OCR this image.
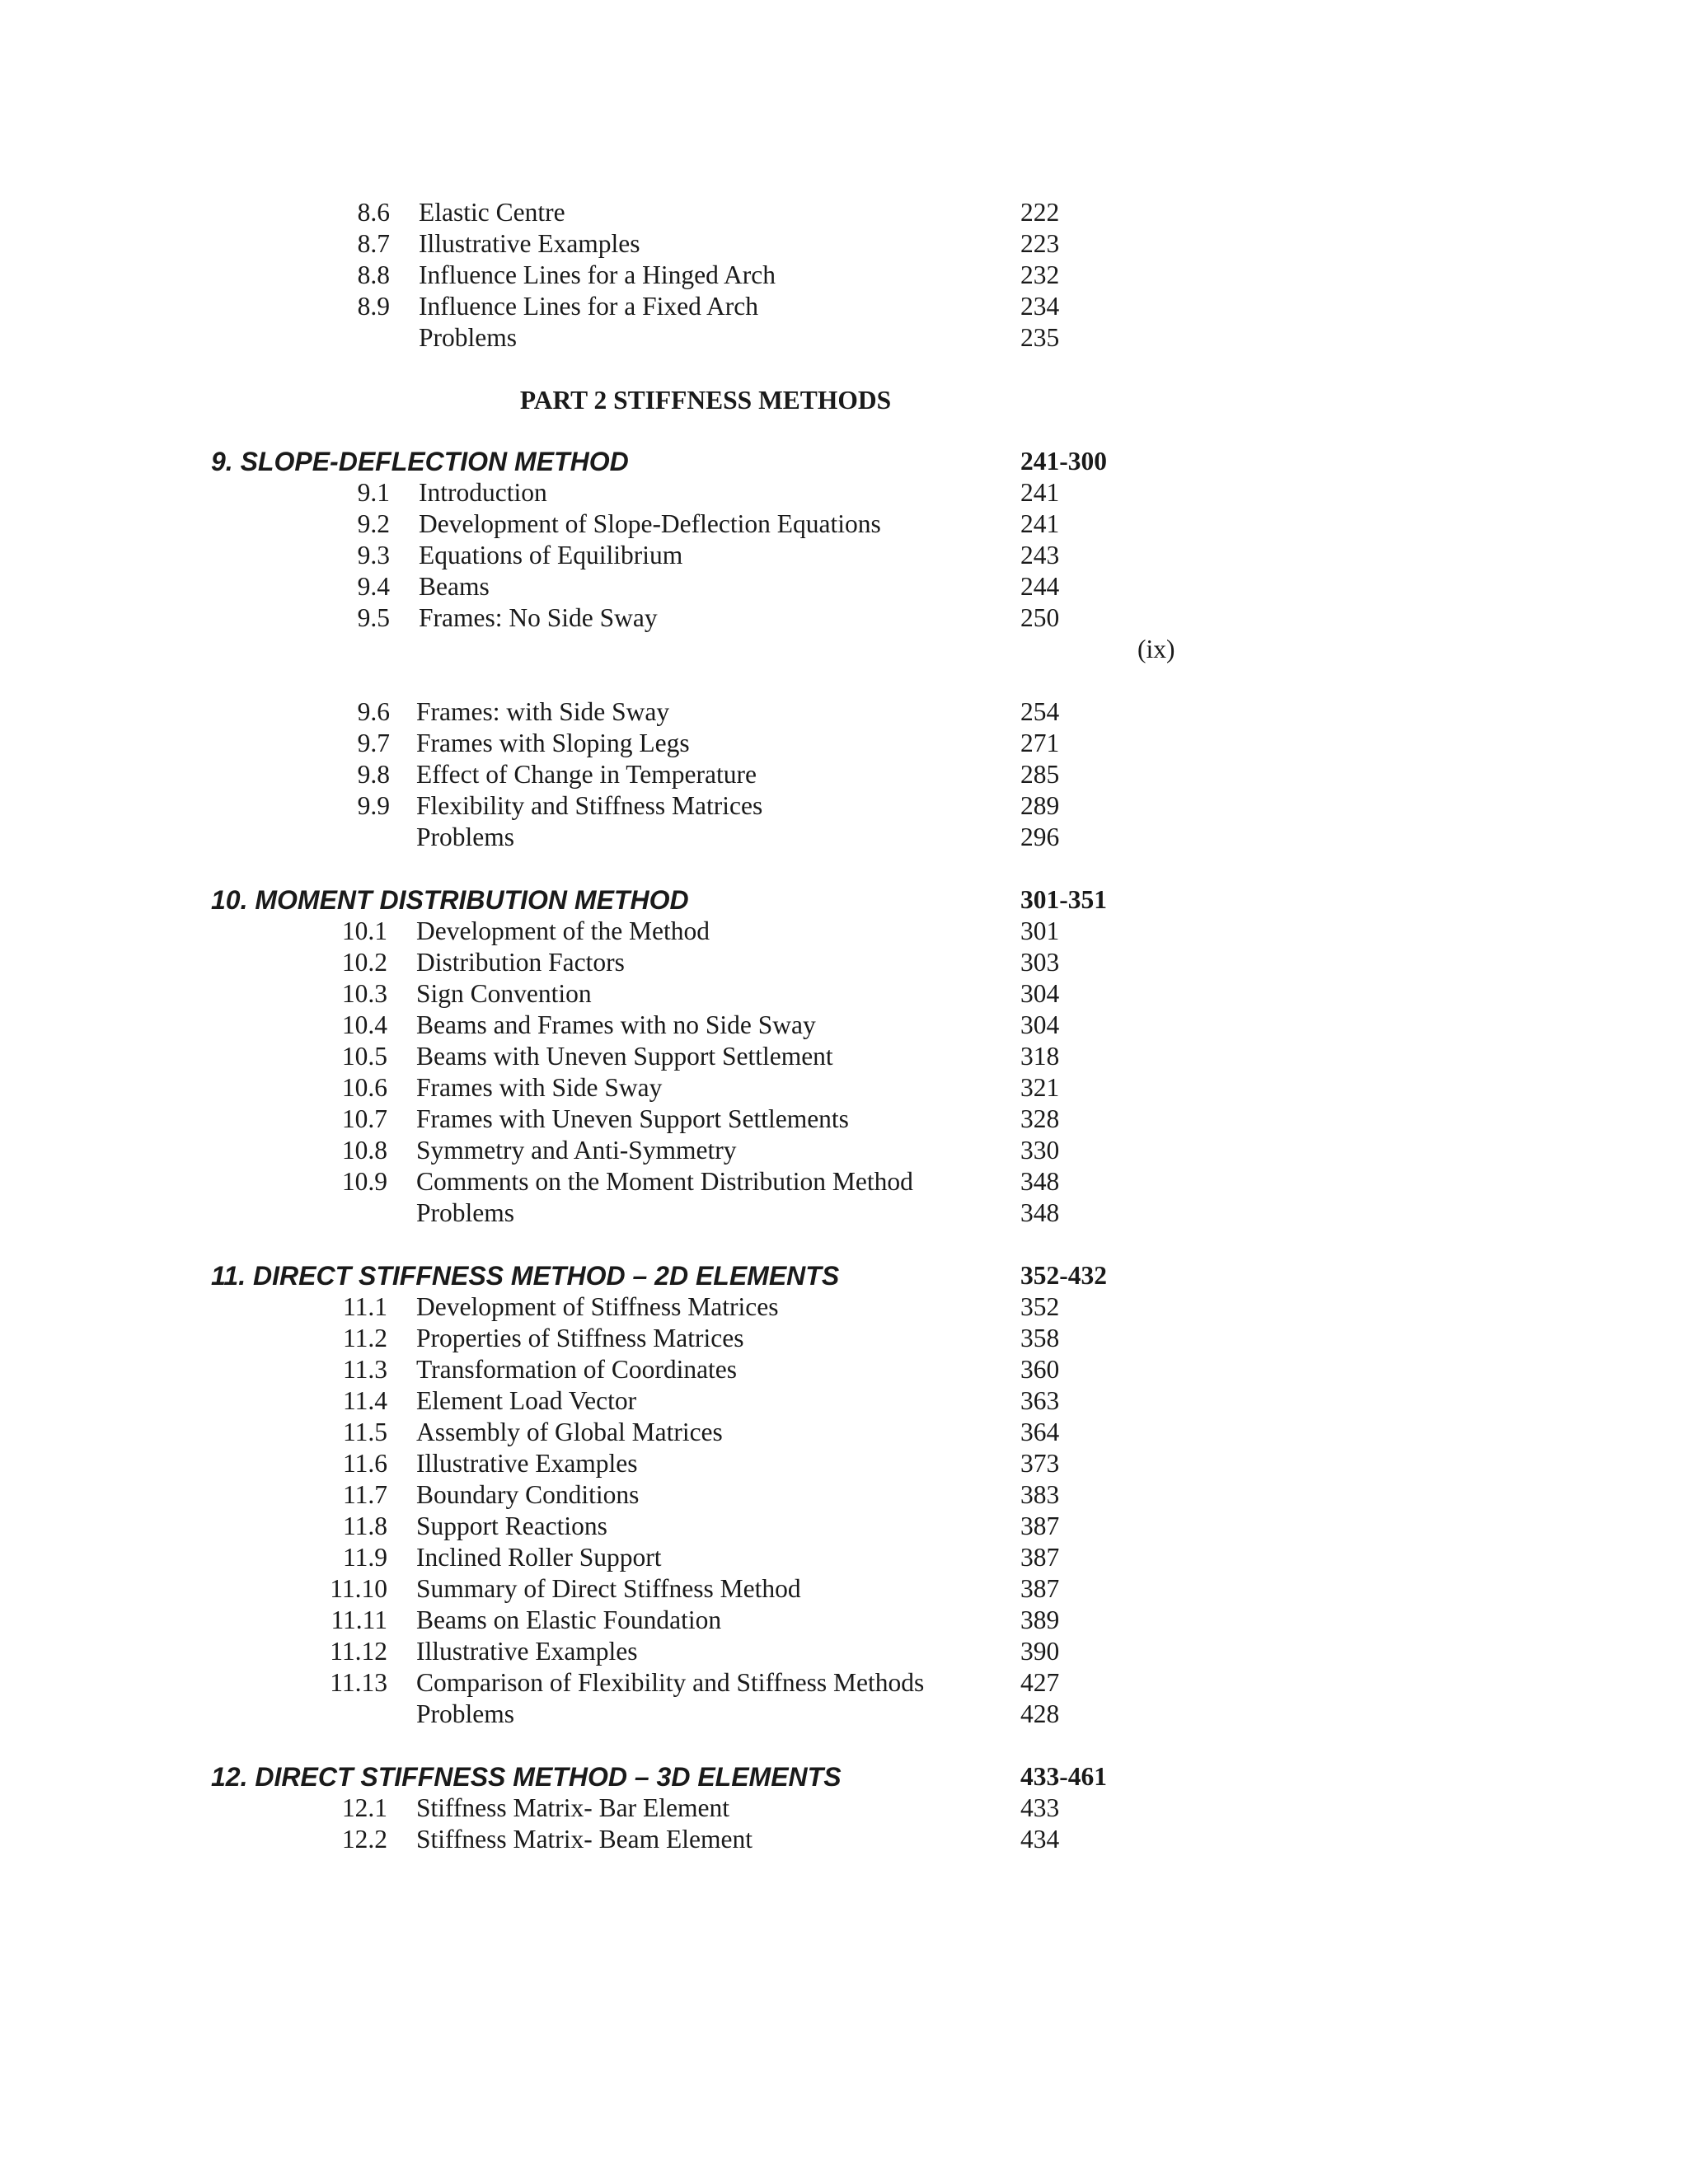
8.6 Elastic Centre	222
8.7 Illustrative Examples	223
8.8 Influence Lines for a Hinged Arch	232
8.9 Influence Lines for a Fixed Arch	234
Problems	235
PART 2 STIFFNESS METHODS
9. SLOPE-DEFLECTION METHOD	241-300
9.1 Introduction	241
9.2 Development of Slope-Deflection Equations	241
9.3 Equations of Equilibrium	243
9.4 Beams	244
9.5 Frames: No Side Sway	250
(ix)
9.6 Frames: with Side Sway	254
9.7 Frames with Sloping Legs	271
9.8 Effect of Change in Temperature	285
9.9 Flexibility and Stiffness Matrices	289
Problems	296
10. MOMENT DISTRIBUTION METHOD	301-351
10.1 Development of the Method	301
10.2 Distribution Factors	303
10.3 Sign Convention	304
10.4 Beams and Frames with no Side Sway	304
10.5 Beams with Uneven Support Settlement	318
10.6 Frames with Side Sway	321
10.7 Frames with Uneven Support Settlements	328
10.8 Symmetry and Anti-Symmetry	330
10.9 Comments on the Moment Distribution Method	348
Problems	348
11. DIRECT STIFFNESS METHOD – 2D ELEMENTS	352-432
11.1 Development of Stiffness Matrices	352
11.2 Properties of Stiffness Matrices	358
11.3 Transformation of Coordinates	360
11.4 Element Load Vector	363
11.5 Assembly of Global Matrices	364
11.6 Illustrative Examples	373
11.7 Boundary Conditions	383
11.8 Support Reactions	387
11.9 Inclined Roller Support	387
11.10 Summary of Direct Stiffness Method	387
11.11 Beams on Elastic Foundation	389
11.12 Illustrative Examples	390
11.13 Comparison of Flexibility and Stiffness Methods	427
Problems	428
12. DIRECT STIFFNESS METHOD – 3D ELEMENTS	433-461
12.1 Stiffness Matrix- Bar Element	433
12.2 Stiffness Matrix- Beam Element	434
